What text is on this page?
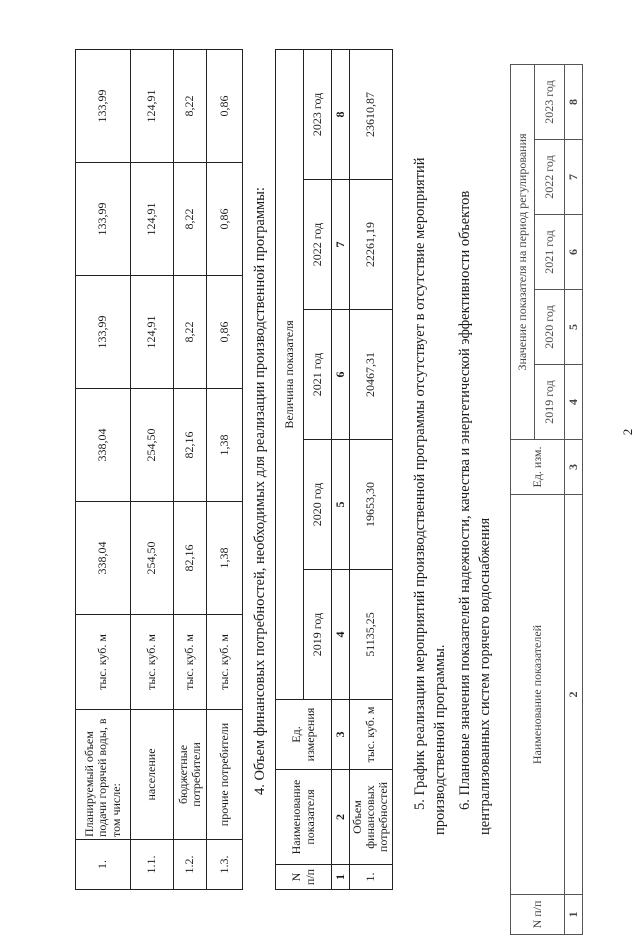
2
1.	Планируемый объем подачи горячей воды, в том числе:	тыс. куб. м	338,04	338,04	133,99	133,99	133,99
1.1.	население	тыс. куб. м	254,50	254,50	124,91	124,91	124,91
1.2.	бюджетные потребители	тыс. куб. м	82,16	82,16	8,22	8,22	8,22
1.3.	прочие потребители	тыс. куб. м	1,38	1,38	0,86	0,86	0,86
4. Объем финансовых потребностей, необходимых для реализации производственной программы:
N п/п	Наименование показателя	Ед. измерения	Величина показателя				
			2019 год	2020 год	2021 год	2022 год	2023 год
1	2	3	4	5	6	7	8
1.	Объем финансовых потребностей	тыс. куб. м	51135,25	19653,30	20467,31	22261,19	23610,87
5. График реализации мероприятий производственной программы отсутствует в отсутствие мероприятий производственной программы. 6. Плановые значения показателей надежности, качества и энергетической эффективности объектов централизованных систем горячего водоснабжения
N п/п	Наименование показателей	Ед. изм.	Значение показателя на период регулирования				
			2019 год	2020 год	2021 год	2022 год	2023 год
1	2	3	4	5	6	7	8
